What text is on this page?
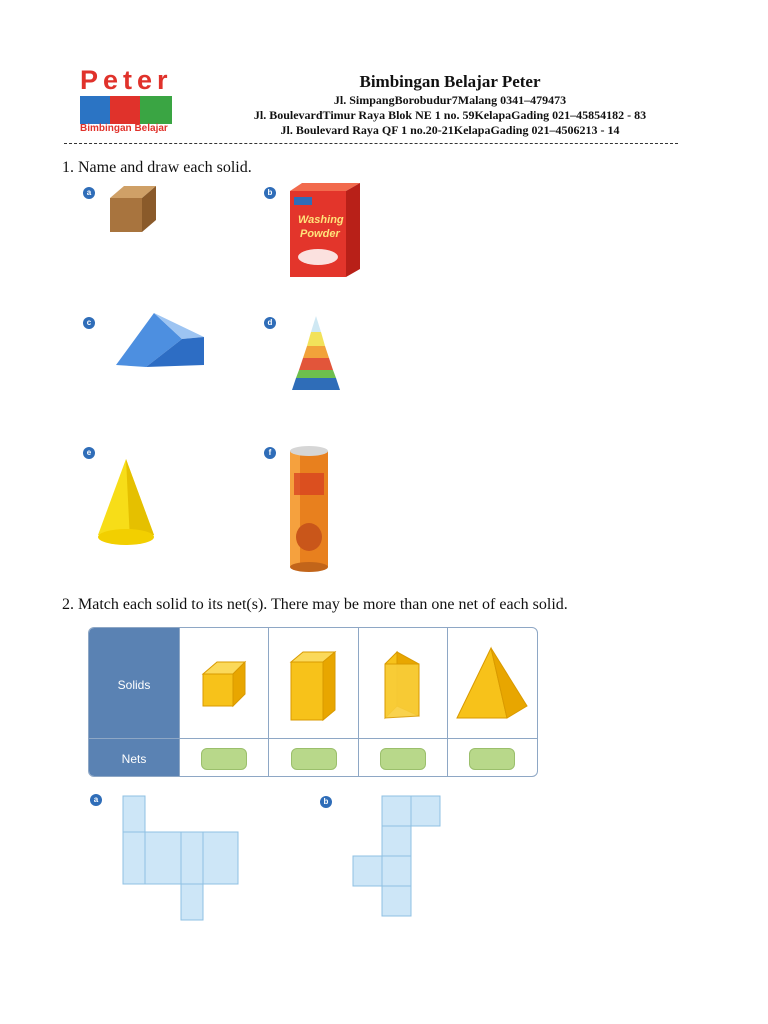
Peter
Bimbingan Belajar
Bimbingan Belajar Peter
Jl. SimpangBorobudur7Malang 0341–479473
Jl. BoulevardTimur Raya Blok NE 1 no. 59KelapaGading 021–45854182 - 83
Jl. Boulevard Raya QF 1 no.20-21KelapaGading 021–4506213 - 14
1. Name and draw each solid.
a	b
Washing
Powder
c	d
e	f
2. Match each solid to its net(s). There may be more than one net of each solid.
Solids
Nets
a	b
